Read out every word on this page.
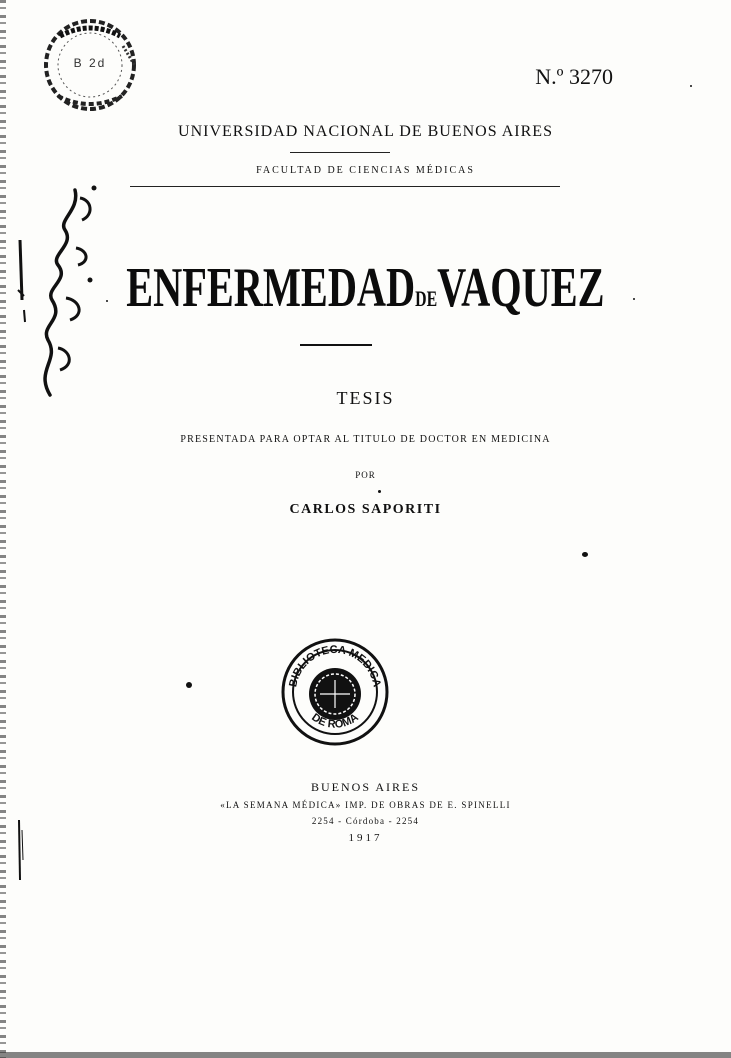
B 2d
N.º 3270
UNIVERSIDAD NACIONAL DE BUENOS AIRES
FACULTAD DE CIENCIAS MÉDICAS
ENFERMEDADDEVAQUEZ
TESIS
PRESENTADA PARA OPTAR AL TITULO DE DOCTOR EN MEDICINA
POR
CARLOS SAPORITI
BIBLIOTECA MEDICA
DE ROMA
BUENOS AIRES
«LA SEMANA MÉDICA» IMP. DE OBRAS DE E. SPINELLI
2254 - Córdoba - 2254
1917
